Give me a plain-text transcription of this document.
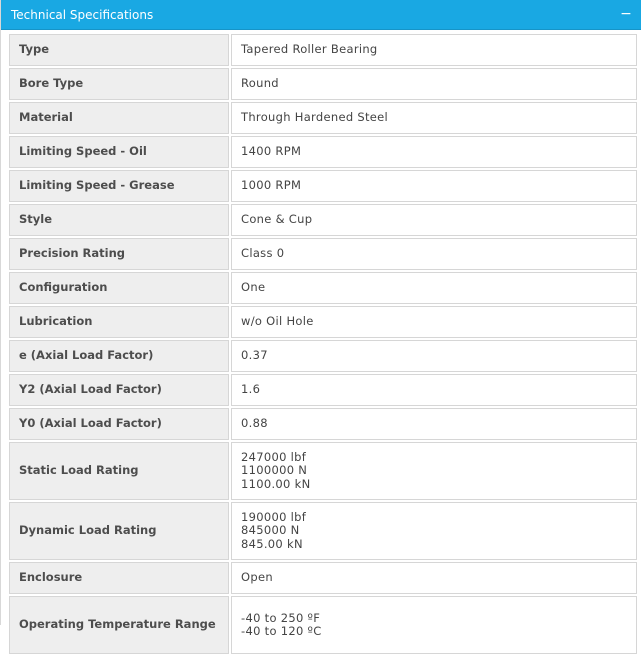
Technical Specifications	−
Type	Tapered Roller Bearing
Bore Type	Round
Material	Through Hardened Steel
Limiting Speed - Oil	1400 RPM
Limiting Speed - Grease	1000 RPM
Style	Cone & Cup
Precision Rating	Class 0
Configuration	One
Lubrication	w/o Oil Hole
e (Axial Load Factor)	0.37
Y2 (Axial Load Factor)	1.6
Y0 (Axial Load Factor)	0.88
Static Load Rating	247000 lbf
1100000 N
1100.00 kN
Dynamic Load Rating	190000 lbf
845000 N
845.00 kN
Enclosure	Open
Operating Temperature Range	-40 to 250 ºF
-40 to 120 ºC
